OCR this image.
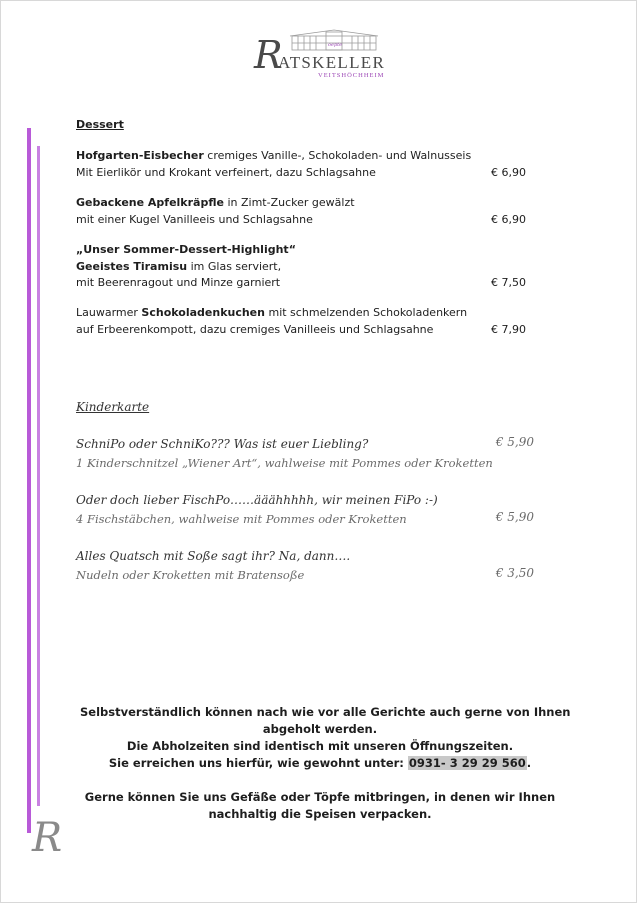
oepte
R
ATSKELLER
VEITSHÖCHHEIM
Dessert
Hofgarten-Eisbecher cremiges Vanille-, Schokoladen- und Walnusseis
Mit Eierlikör und Krokant verfeinert, dazu Schlagsahne	€ 6,90
Gebackene Apfelkräpfle in Zimt-Zucker gewälzt
mit einer Kugel Vanilleeis und Schlagsahne	€ 6,90
„Unser Sommer-Dessert-Highlight“
Geeistes Tiramisu im Glas serviert,
mit Beerenragout und Minze garniert	€ 7,50
Lauwarmer Schokoladenkuchen mit schmelzenden Schokoladenkern
auf Erbeerenkompott, dazu cremiges Vanilleeis und Schlagsahne	€ 7,90
Kinderkarte
SchniPo oder SchniKo??? Was ist euer Liebling?
1 Kinderschnitzel „Wiener Art“, wahlweise mit Pommes oder Kroketten
€ 5,90
Oder doch lieber FischPo……ääähhhhh, wir meinen FiPo :-)
4 Fischstäbchen, wahlweise mit Pommes oder Kroketten	€ 5,90
Alles Quatsch mit Soße sagt ihr? Na, dann….
Nudeln oder Kroketten mit Bratensoße	€ 3,50
Selbstverständlich können nach wie vor alle Gerichte auch gerne von Ihnen
abgeholt werden.
Die Abholzeiten sind identisch mit unseren Öffnungszeiten.
Sie erreichen uns hierfür, wie gewohnt unter: 0931- 3 29 29 560.
Gerne können Sie uns Gefäße oder Töpfe mitbringen, in denen wir Ihnen
nachhaltig die Speisen verpacken.
R
